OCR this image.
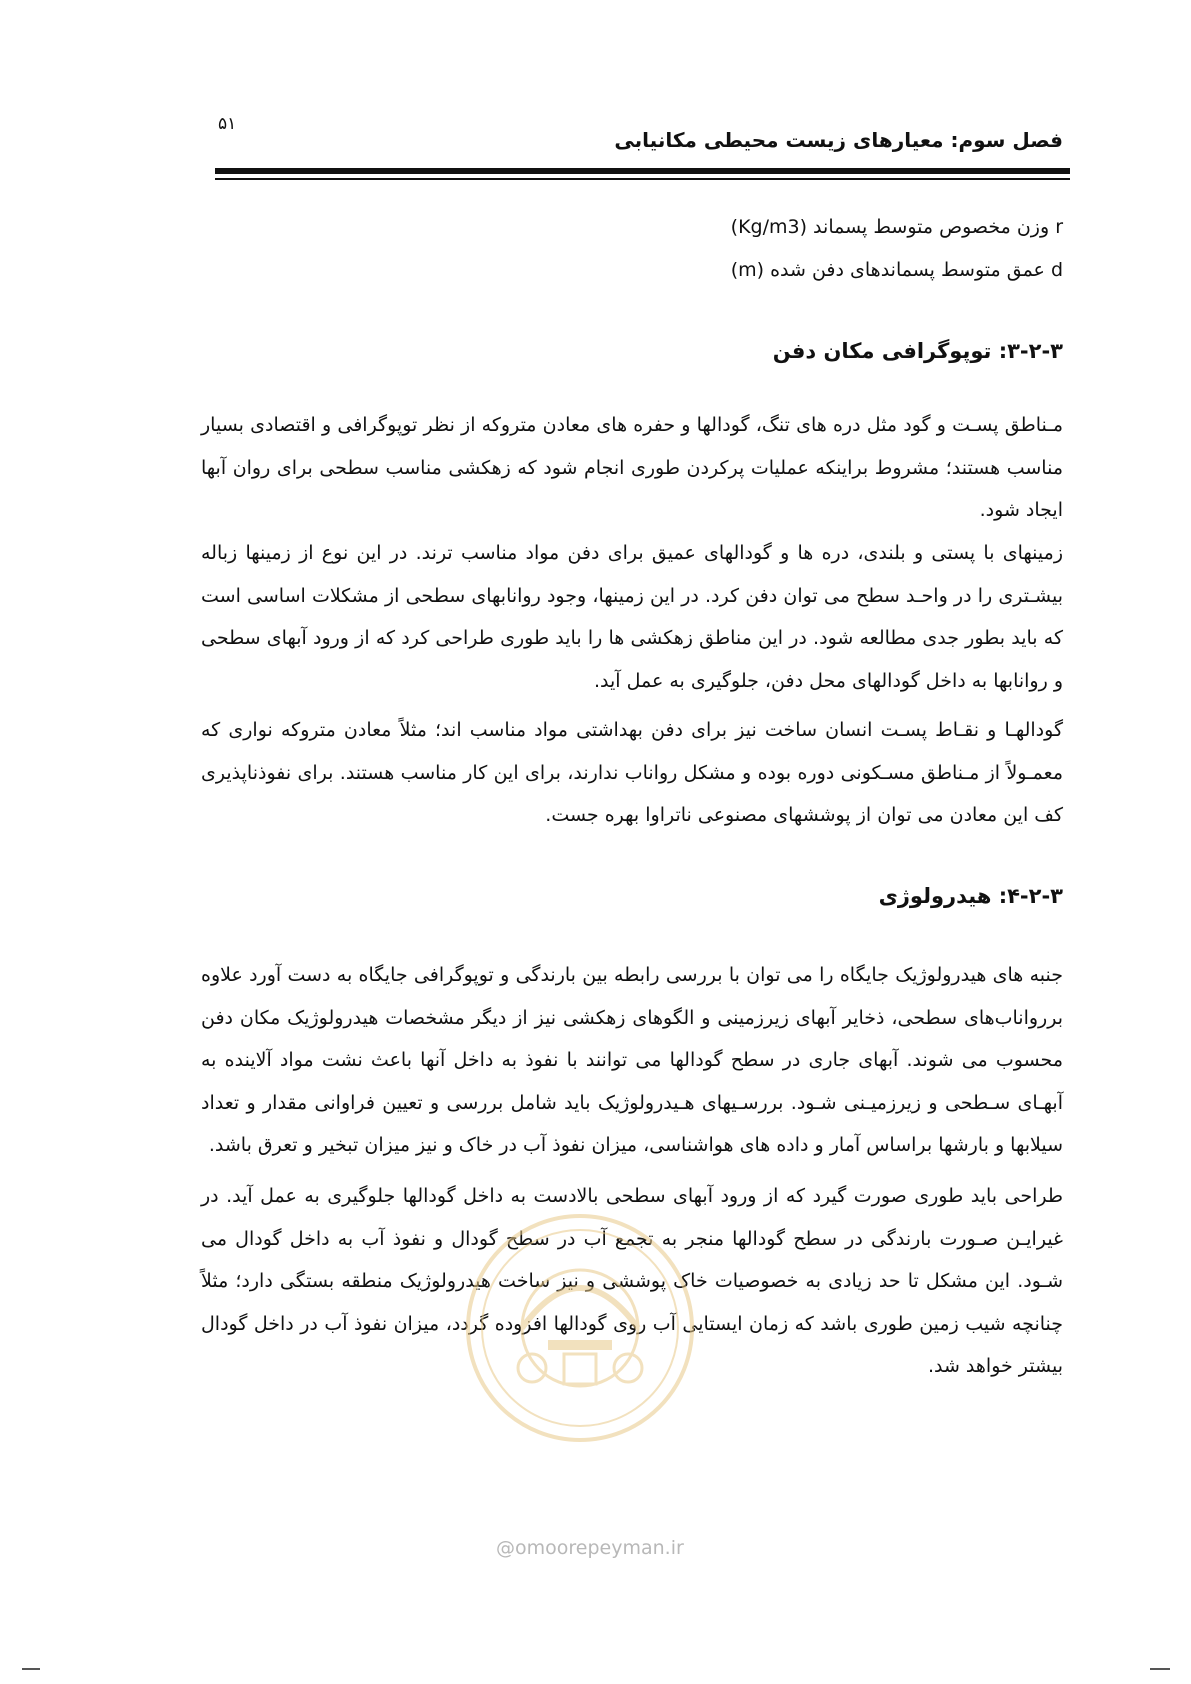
۵۱
فصل سوم: معیارهای زیست محیطی مکانیابی
r وزن مخصوص متوسط پسماند (Kg/m3)
d عمق متوسط پسماندهای دفن شده (m)
۳-۲-۳: توپوگرافی مکان دفن

مـناطق پسـت و گود مثل دره های تنگ، گودالها و حفره های معادن متروکه از نظر توپوگرافی و اقتصادی بسیار مناسب هستند؛ مشروط براینکه عملیات پرکردن طوری انجام شود که زهکشی مناسب سطحی برای روان آبها ایجاد شود.

زمینهای با پستی و بلندی، دره ها و گودالهای عمیق برای دفن مواد مناسب ترند. در این نوع از زمینها زباله بیشـتری را در واحـد سطح می توان دفن کرد. در این زمینها، وجود روانابهای سطحی از مشکلات اساسی است که باید بطور جدی مطالعه شود. در این مناطق زهکشی ها را باید طوری طراحی کرد که از ورود آبهای سطحی و روانابها به داخل گودالهای محل دفن، جلوگیری به عمل آید.

گودالهـا و نقـاط پسـت انسان ساخت نیز برای دفن بهداشتی مواد مناسب اند؛ مثلاً معادن متروکه نواری که معمـولاً از مـناطق مسـکونی دوره بوده و مشکل رواناب ندارند، برای این کار مناسب هستند. برای نفوذناپذیری کف این معادن می توان از پوششهای مصنوعی ناتراوا بهره جست.

۴-۲-۳: هیدرولوژی

جنبه های هیدرولوژیک جایگاه را می توان با بررسی رابطه بین بارندگی و توپوگرافی جایگاه به دست آورد علاوه بررواناب‌های سطحی، ذخایر آبهای زیرزمینی و الگوهای زهکشی نیز از دیگر مشخصات هیدرولوژیک مکان دفن محسوب می شوند. آبهای جاری در سطح گودالها می توانند با نفوذ به داخل آنها باعث نشت مواد آلاینده به آبهـای سـطحی و زیرزمیـنی شـود. بررسـیهای هـیدرولوژیک باید شامل بررسی و تعیین فراوانی مقدار و تعداد سیلابها و بارشها براساس آمار و داده های هواشناسی، میزان نفوذ آب در خاک و نیز میزان تبخیر و تعرق باشد.

طراحی باید طوری صورت گیرد که از ورود آبهای سطحی بالادست به داخل گودالها جلوگیری به عمل آید. در غیرایـن صـورت بارندگی در سطح گودالها منجر به تجمع آب در سطح گودال و نفوذ آب به داخل گودال می شـود. این مشکل تا حد زیادی به خصوصیات خاک پوششی و نیز ساخت هیدرولوژیک منطقه بستگی دارد؛ مثلاً چنانچه شیب زمین طوری باشد که زمان ایستایی آب روی گودالها افزوده گردد، میزان نفوذ آب در داخل گودال بیشتر خواهد شد.

@omoorepeyman.ir
